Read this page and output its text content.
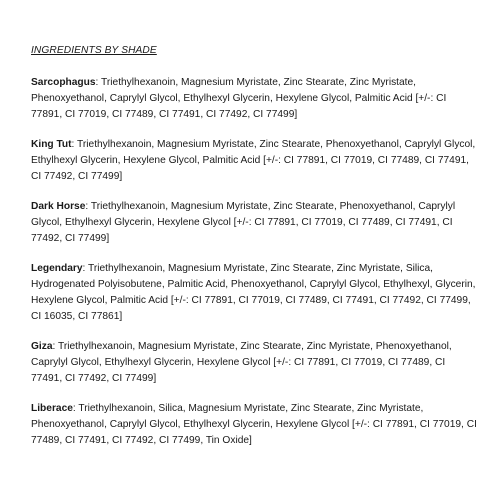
INGREDIENTS BY SHADE

Sarcophagus: Triethylhexanoin, Magnesium Myristate, Zinc Stearate, Zinc Myristate, Phenoxyethanol, Caprylyl Glycol, Ethylhexyl Glycerin, Hexylene Glycol, Palmitic Acid [+/-: CI 77891, CI 77019, CI 77489, CI 77491, CI 77492, CI 77499]

King Tut: Triethylhexanoin, Magnesium Myristate, Zinc Stearate, Phenoxyethanol, Caprylyl Glycol, Ethylhexyl Glycerin, Hexylene Glycol, Palmitic Acid [+/-: CI 77891, CI 77019, CI 77489, CI 77491, CI 77492, CI 77499]

Dark Horse: Triethylhexanoin, Magnesium Myristate, Zinc Stearate, Phenoxyethanol, Caprylyl Glycol, Ethylhexyl Glycerin, Hexylene Glycol [+/-: CI 77891, CI 77019, CI 77489, CI 77491, CI 77492, CI 77499]

Legendary: Triethylhexanoin, Magnesium Myristate, Zinc Stearate, Zinc Myristate, Silica, Hydrogenated Polyisobutene, Palmitic Acid, Phenoxyethanol, Caprylyl Glycol, Ethylhexyl, Glycerin, Hexylene Glycol, Palmitic Acid [+/-: CI 77891, CI 77019, CI 77489, CI 77491, CI 77492, CI 77499, CI 16035, CI 77861]

Giza: Triethylhexanoin, Magnesium Myristate, Zinc Stearate, Zinc Myristate, Phenoxyethanol, Caprylyl Glycol, Ethylhexyl Glycerin, Hexylene Glycol [+/-: CI 77891, CI 77019, CI 77489, CI 77491, CI 77492, CI 77499]

Liberace: Triethylhexanoin, Silica, Magnesium Myristate, Zinc Stearate, Zinc Myristate, Phenoxyethanol, Caprylyl Glycol, Ethylhexyl Glycerin, Hexylene Glycol [+/-: CI 77891, CI 77019, CI 77489, CI 77491, CI 77492, CI 77499, Tin Oxide]
